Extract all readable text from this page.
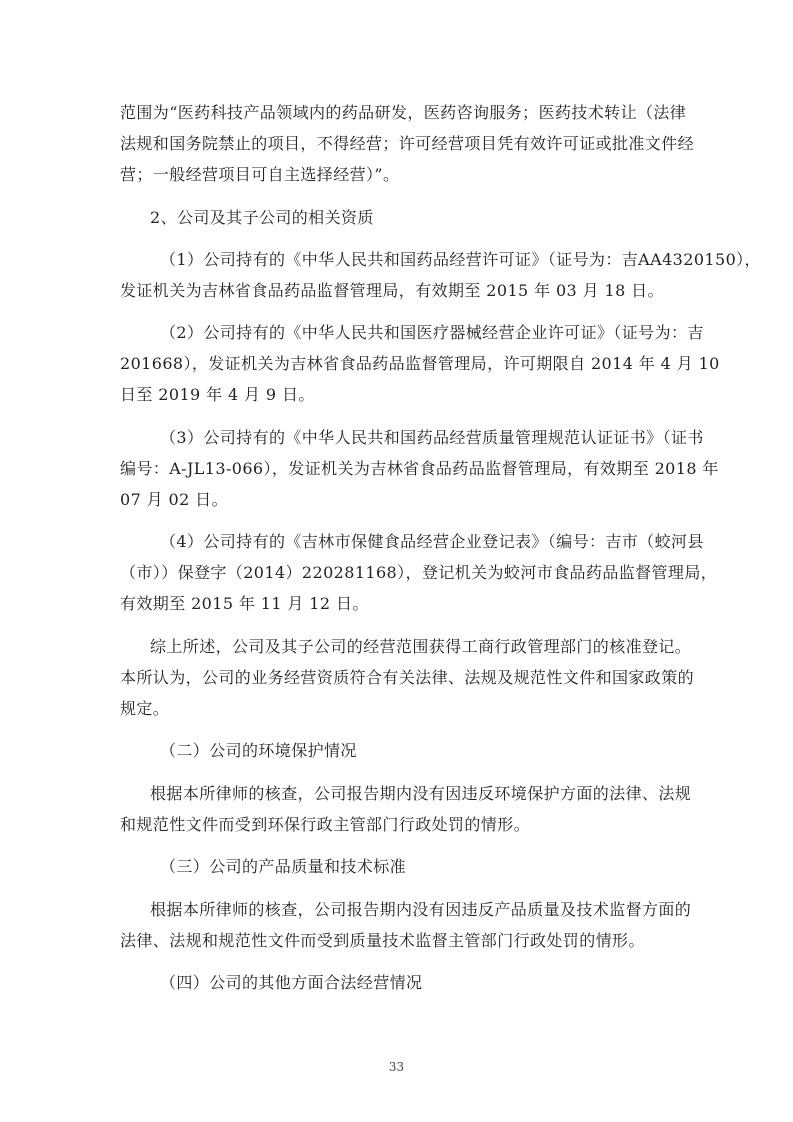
范围为“医药科技产品领域内的药品研发，医药咨询服务；医药技术转让（法律
法规和国务院禁止的项目，不得经营；许可经营项目凭有效许可证或批准文件经
营；一般经营项目可自主选择经营）”。
2、公司及其子公司的相关资质
（1）公司持有的《中华人民共和国药品经营许可证》（证号为：吉AA4320150），
发证机关为吉林省食品药品监督管理局，有效期至 2015 年 03 月 18 日。
（2）公司持有的《中华人民共和国医疗器械经营企业许可证》（证号为：吉
201668），发证机关为吉林省食品药品监督管理局，许可期限自 2014 年 4 月 10
日至 2019 年 4 月 9 日。
（3）公司持有的《中华人民共和国药品经营质量管理规范认证证书》（证书
编号：A-JL13-066），发证机关为吉林省食品药品监督管理局，有效期至 2018 年
07 月 02 日。
（4）公司持有的《吉林市保健食品经营企业登记表》（编号：吉市（蛟河县
（市））保登字（2014）220281168），登记机关为蛟河市食品药品监督管理局，
有效期至 2015 年 11 月 12 日。
综上所述，公司及其子公司的经营范围获得工商行政管理部门的核准登记。
本所认为，公司的业务经营资质符合有关法律、法规及规范性文件和国家政策的
规定。
（二）公司的环境保护情况
根据本所律师的核查，公司报告期内没有因违反环境保护方面的法律、法规
和规范性文件而受到环保行政主管部门行政处罚的情形。
（三）公司的产品质量和技术标准
根据本所律师的核查，公司报告期内没有因违反产品质量及技术监督方面的
法律、法规和规范性文件而受到质量技术监督主管部门行政处罚的情形。
（四）公司的其他方面合法经营情况
33
